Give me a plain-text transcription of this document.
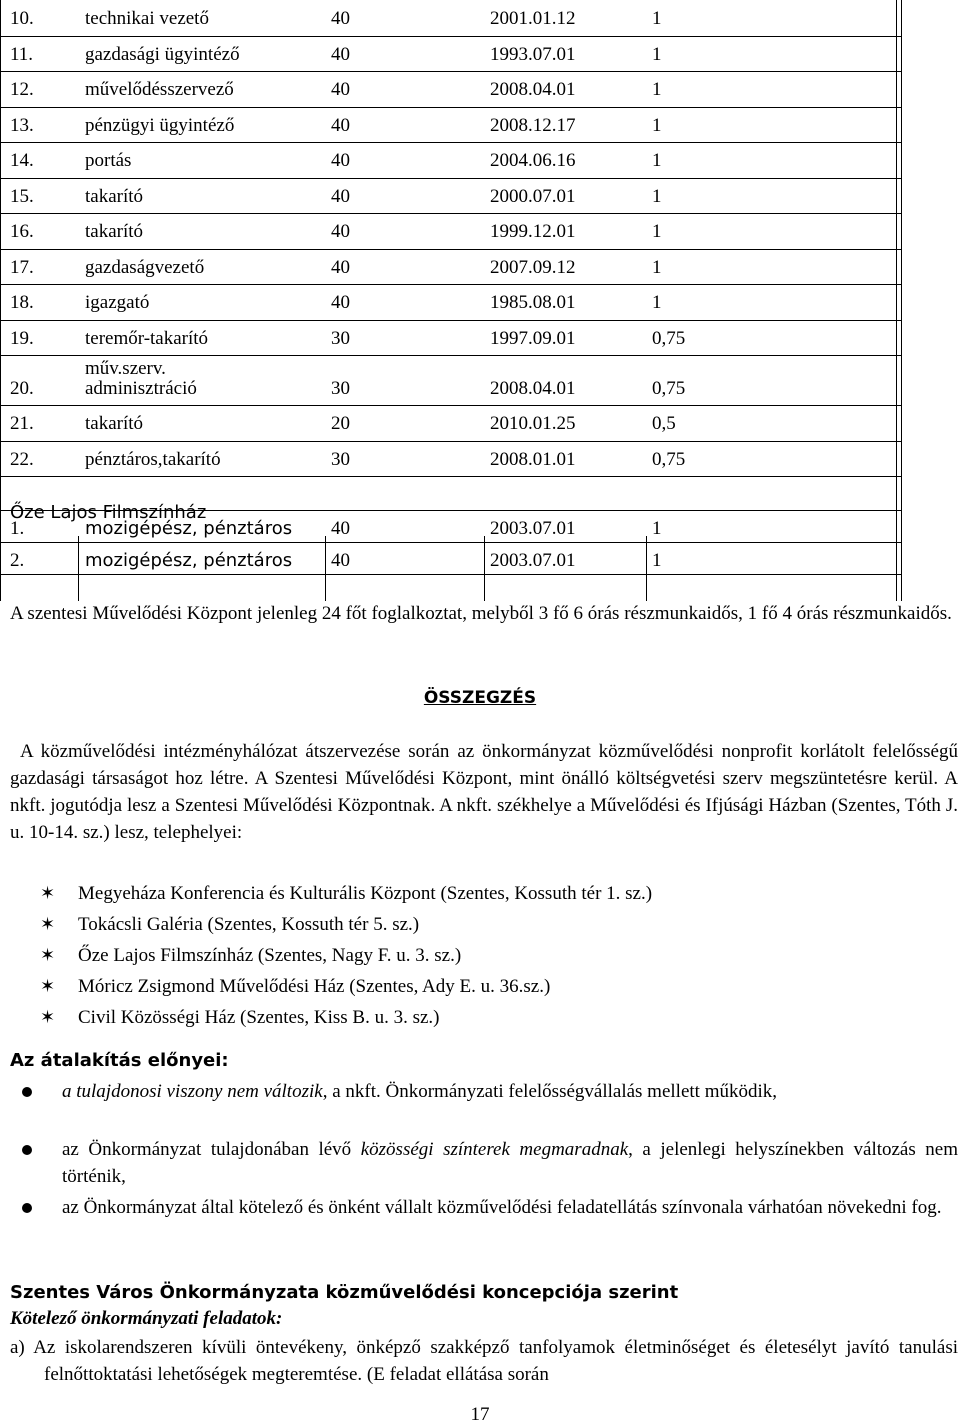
10.	technikai vezető	40	2001.01.12	1
11.	gazdasági ügyintéző	40	1993.07.01	1
12.	művelődésszervező	40	2008.04.01	1
13.	pénzügyi ügyintéző	40	2008.12.17	1
14.	portás	40	2004.06.16	1
15.	takarító	40	2000.07.01	1
16.	takarító	40	1999.12.01	1
17.	gazdaságvezető	40	2007.09.12	1
18.	igazgató	40	1985.08.01	1
19.	teremőr-takarító	30	1997.09.01	0,75
20.
műv.szerv.
adminisztráció	30	2008.04.01	0,75
21.	takarító	20	2010.01.25	0,5
22.	pénztáros,takarító	30	2008.01.01	0,75
1.	mozigépész, pénztáros 40	2003.07.01	1
2.	mozigépész, pénztáros 40	2003.07.01	1
Őze Lajos Filmszínház
A szentesi Művelődési Központ jelenleg 24 főt foglalkoztat, melyből 3 fő 6 órás részmunkaidős, 1 fő 4 órás részmunkaidős.
ÖSSZEGZÉS
A közművelődési intézményhálózat átszervezése során az önkormányzat közművelődési nonprofit korlátolt felelősségű gazdasági társaságot hoz létre. A Szentesi Művelődési Központ, mint önálló költségvetési szerv megszüntetésre kerül. A nkft. jogutódja lesz a Szentesi Művelődési Központnak. A nkft. székhelye a Művelődési és Ifjúsági Házban (Szentes, Tóth J. u. 10-14. sz.) lesz, telephelyei:
✶ Megyeháza Konferencia és Kulturális Központ (Szentes, Kossuth tér 1. sz.)
✶ Tokácsli Galéria (Szentes, Kossuth tér 5. sz.)
✶ Őze Lajos Filmszínház (Szentes, Nagy F. u. 3. sz.)
✶ Móricz Zsigmond Művelődési Ház (Szentes, Ady E. u. 36.sz.)
✶ Civil Közösségi Ház (Szentes, Kiss B. u. 3. sz.)
Az átalakítás előnyei:
a tulajdonosi viszony nem változik, a nkft. Önkormányzati felelősségvállalás mellett működik,
az Önkormányzat tulajdonában lévő közösségi színterek megmaradnak, a jelenlegi helyszínekben változás nem történik,
az Önkormányzat által kötelező és önként vállalt közművelődési feladatellátás színvonala várhatóan növekedni fog.
Szentes Város Önkormányzata közművelődési koncepciója szerint
Kötelező önkormányzati feladatok:
a) Az iskolarendszeren kívüli öntevékeny, önképző szakképző tanfolyamok életminőséget és életesélyt javító tanulási felnőttoktatási lehetőségek megteremtése. (E feladat ellátása során
17
